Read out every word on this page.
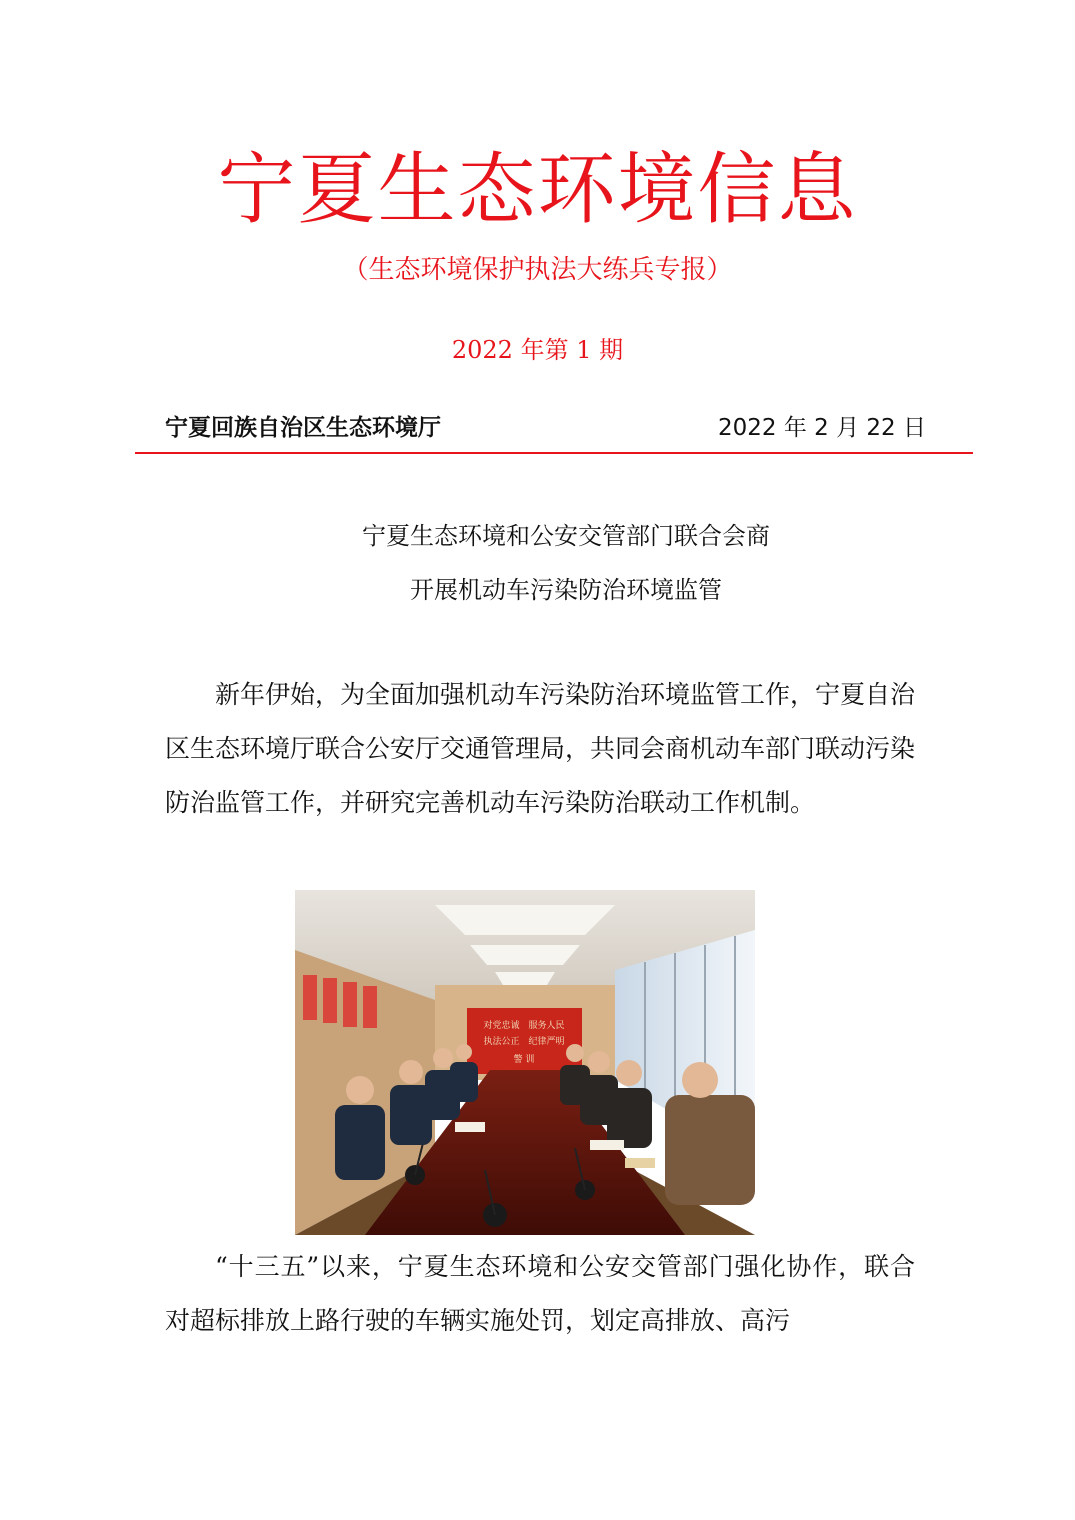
宁夏生态环境信息
（生态环境保护执法大练兵专报）
2022 年第 1 期
宁夏回族自治区生态环境厅	2022 年 2 月 22 日
宁夏生态环境和公安交管部门联合会商
开展机动车污染防治环境监管

新年伊始，为全面加强机动车污染防治环境监管工作，宁夏自治区生态环境厅联合公安厅交通管理局，共同会商机动车部门联动污染防治监管工作，并研究完善机动车污染防治联动工作机制。

对党忠诚　服务人民
执法公正　纪律严明
警 训

“十三五”以来，宁夏生态环境和公安交管部门强化协作，联合对超标排放上路行驶的车辆实施处罚，划定高排放、高污
